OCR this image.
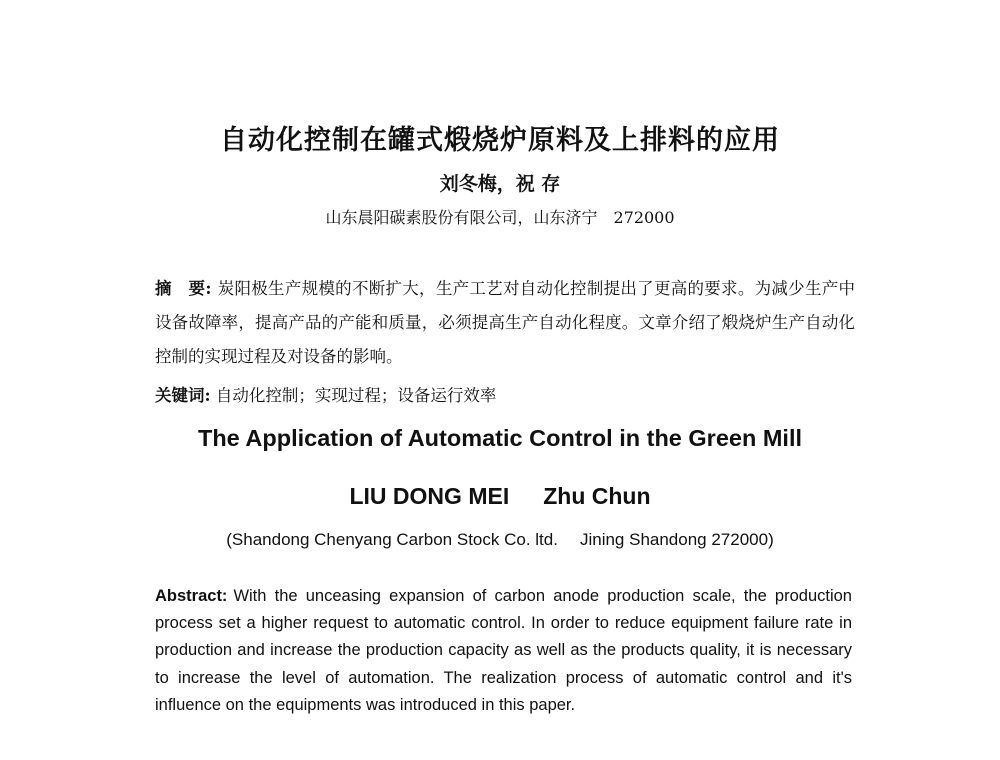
自动化控制在罐式煅烧炉原料及上排料的应用
刘冬梅，祝 存
山东晨阳碳素股份有限公司，山东济宁　272000
摘　要: 炭阳极生产规模的不断扩大，生产工艺对自动化控制提出了更高的要求。为减少生产中设备故障率，提高产品的产能和质量，必须提高生产自动化程度。文章介绍了煅烧炉生产自动化控制的实现过程及对设备的影响。
关键词: 自动化控制；实现过程；设备运行效率
The Application of Automatic Control in the Green Mill
LIU DONG MEI Zhu Chun
(Shandong Chenyang Carbon Stock Co. ltd. Jining Shandong 272000)
Abstract: With the unceasing expansion of carbon anode production scale, the production process set a higher request to automatic control. In order to reduce equipment failure rate in production and increase the production capacity as well as the products quality, it is necessary to increase the level of automation. The realization process of automatic control and it's influence on the equipments was introduced in this paper.
